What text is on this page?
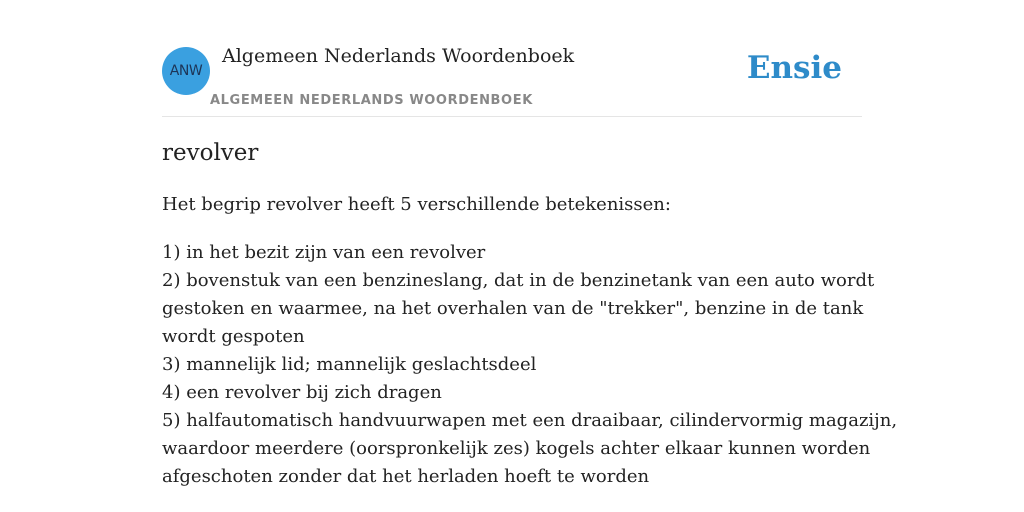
ANW
Algemeen Nederlands Woordenboek
ALGEMEEN NEDERLANDS WOORDENBOEK
Ensie
revolver

Het begrip revolver heeft 5 verschillende betekenissen:

1) in het bezit zijn van een revolver
2) bovenstuk van een benzineslang, dat in de benzinetank van een auto wordt
gestoken en waarmee, na het overhalen van de "trekker", benzine in de tank
wordt gespoten
3) mannelijk lid; mannelijk geslachtsdeel
4) een revolver bij zich dragen
5) halfautomatisch handvuurwapen met een draaibaar, cilindervormig magazijn,
waardoor meerdere (oorspronkelijk zes) kogels achter elkaar kunnen worden
afgeschoten zonder dat het herladen hoeft te worden
